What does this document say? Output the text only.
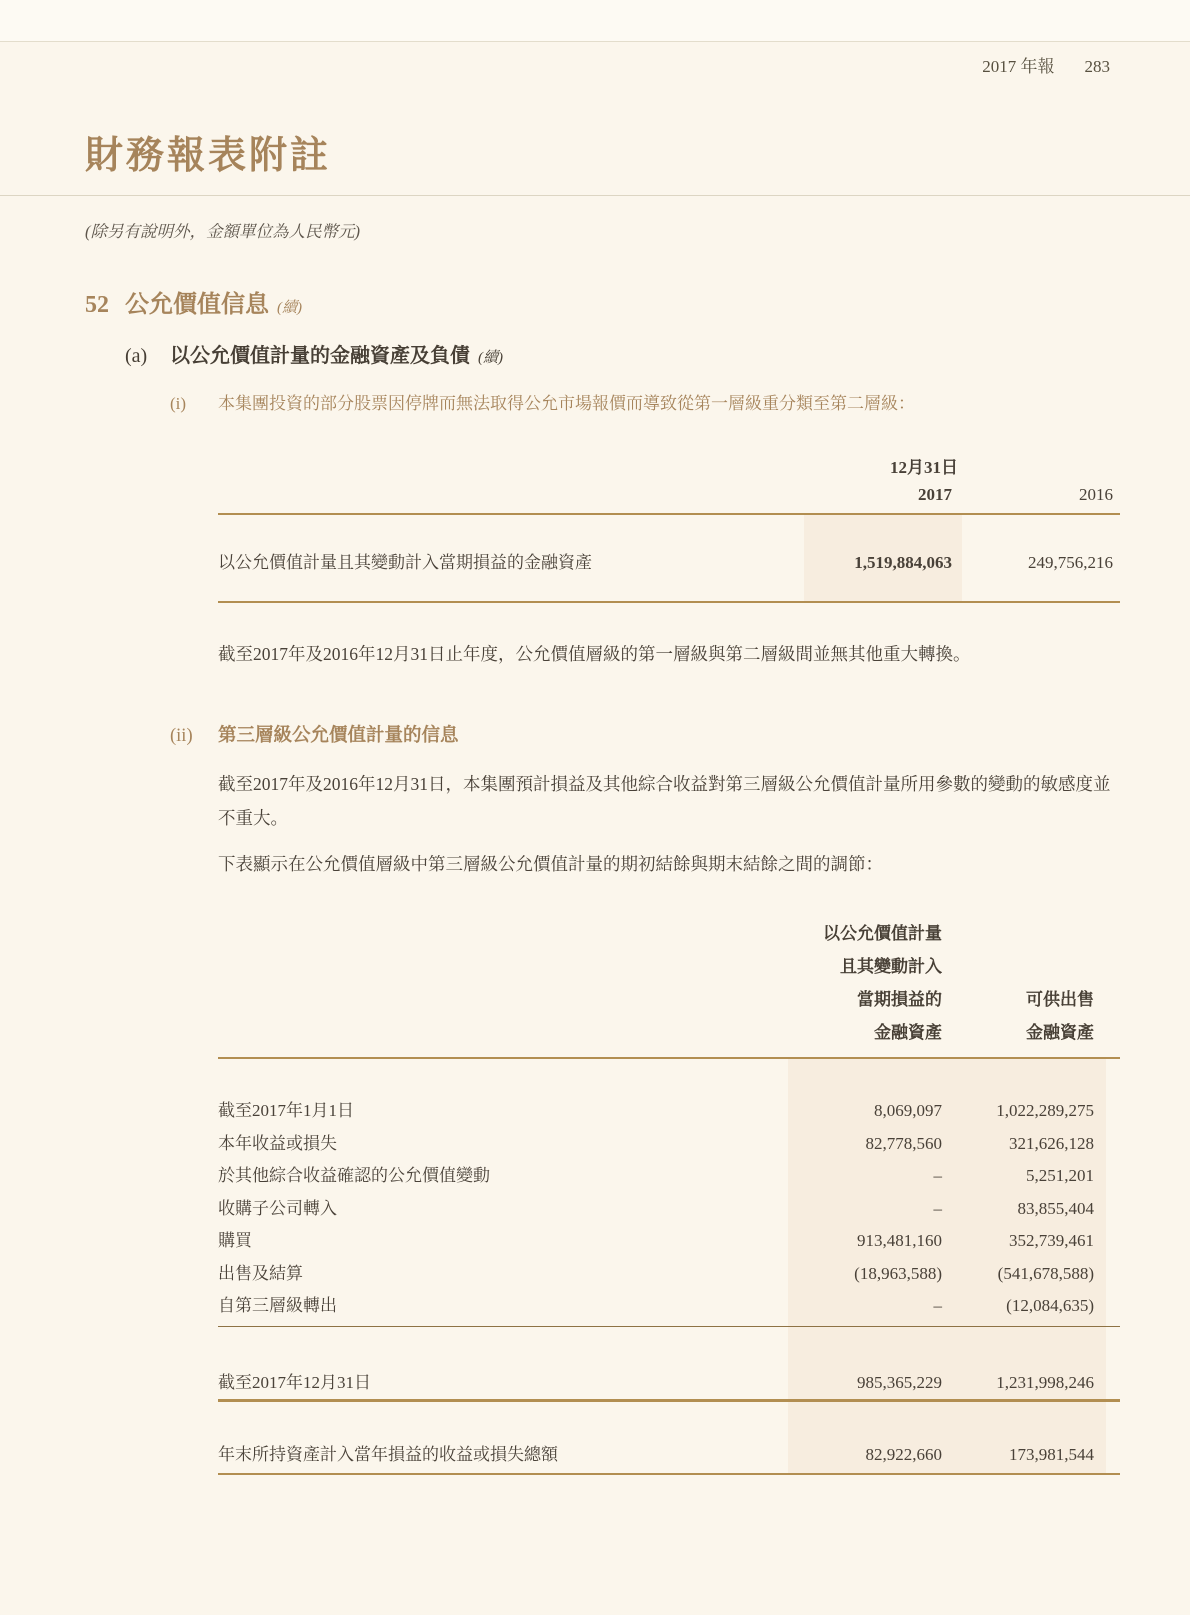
2017 年報 283
財務報表附註
(除另有說明外，金額單位為人民幣元)
52 公允價值信息 (續)
(a)	以公允價值計量的金融資產及負債 (續)
(i)	本集團投資的部分股票因停牌而無法取得公允市場報價而導致從第一層級重分類至第二層級：
12月31日
2017	2016
以公允價值計量且其變動計入當期損益的金融資產	1,519,884,063	249,756,216
截至2017年及2016年12月31日止年度，公允價值層級的第一層級與第二層級間並無其他重大轉換。
(ii)	第三層級公允價值計量的信息
截至2017年及2016年12月31日，本集團預計損益及其他綜合收益對第三層級公允價值計量所用參數的變動的敏感度並不重大。
下表顯示在公允價值層級中第三層級公允價值計量的期初結餘與期末結餘之間的調節：
以公允價值計量
且其變動計入
當期損益的
金融資產
可供出售
金融資產
截至2017年1月1日	8,069,097	1,022,289,275
本年收益或損失	82,778,560	321,626,128
於其他綜合收益確認的公允價值變動	–	5,251,201
收購子公司轉入	–	83,855,404
購買	913,481,160	352,739,461
出售及結算	(18,963,588)	(541,678,588)
自第三層級轉出	–	(12,084,635)
截至2017年12月31日	985,365,229	1,231,998,246
年末所持資產計入當年損益的收益或損失總額	82,922,660	173,981,544
